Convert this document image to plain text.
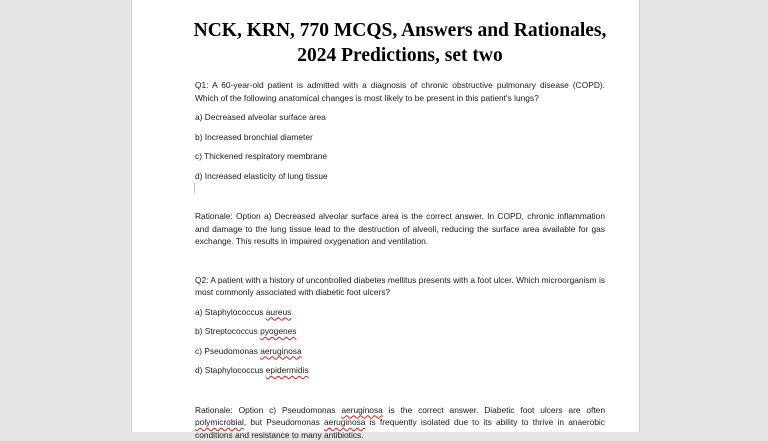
NCK, KRN, 770 MCQS, Answers and Rationales,
2024 Predictions, set two

Q1: A 60-year-old patient is admitted with a diagnosis of chronic obstructive pulmonary disease (COPD). Which of the following anatomical changes is most likely to be present in this patient's lungs?

a) Decreased alveolar surface area

b) Increased bronchial diameter

c) Thickened respiratory membrane

d) Increased elasticity of lung tissue

Rationale: Option a) Decreased alveolar surface area is the correct answer. In COPD, chronic inflammation and damage to the lung tissue lead to the destruction of alveoli, reducing the surface area available for gas exchange. This results in impaired oxygenation and ventilation.

Q2: A patient with a history of uncontrolled diabetes mellitus presents with a foot ulcer. Which microorganism is most commonly associated with diabetic foot ulcers?

a) Staphylococcus aureus

b) Streptococcus pyogenes

c) Pseudomonas aeruginosa

d) Staphylococcus epidermidis

Rationale: Option c) Pseudomonas aeruginosa is the correct answer. Diabetic foot ulcers are often polymicrobial, but Pseudomonas aeruginosa is frequently isolated due to its ability to thrive in anaerobic conditions and resistance to many antibiotics.
